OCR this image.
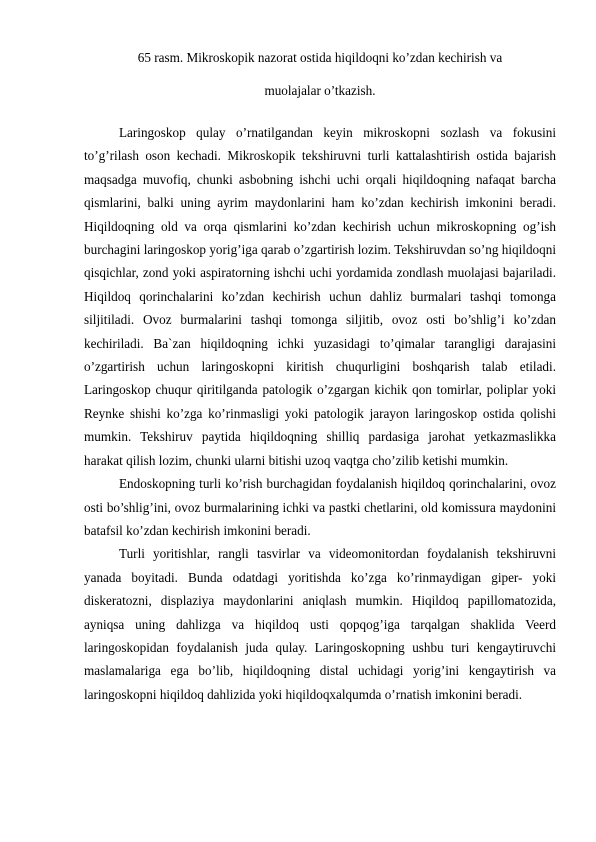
65 rasm. Mikroskopik nazorat ostida hiqildoqni ko’zdan kechirish va
muolajalar o’tkazish.

Laringoskop qulay o’rnatilgandan keyin mikroskopni sozlash va fokusini to’g’rilash oson kechadi. Mikroskopik tekshiruvni turli kattalashtirish ostida bajarish maqsadga muvofiq, chunki asbobning ishchi uchi orqali hiqildoqning nafaqat barcha qismlarini, balki uning ayrim maydonlarini ham ko’zdan kechirish imkonini beradi. Hiqildoqning old va orqa qismlarini ko’zdan kechirish uchun mikroskopning og’ish burchagini laringoskop yorig’iga qarab o’zgartirish lozim. Tekshiruvdan so’ng hiqildoqni qisqichlar, zond yoki aspiratorning ishchi uchi yordamida zondlash muolajasi bajariladi. Hiqildoq qorinchalarini ko’zdan kechirish uchun dahliz burmalari tashqi tomonga siljitiladi. Ovoz burmalarini tashqi tomonga siljitib, ovoz osti bo’shlig’i ko’zdan kechiriladi. Ba`zan hiqildoqning ichki yuzasidagi to’qimalar tarangligi darajasini o’zgartirish uchun laringoskopni kiritish chuqurligini boshqarish talab etiladi. Laringoskop chuqur qiritilganda patologik o’zgargan kichik qon tomirlar, poliplar yoki Reynke shishi ko’zga ko’rinmasligi yoki patologik jarayon laringoskop ostida qolishi mumkin. Tekshiruv paytida hiqildoqning shilliq pardasiga jarohat yetkazmaslikka harakat qilish lozim, chunki ularni bitishi uzoq vaqtga cho’zilib ketishi mumkin.

Endoskopning turli ko’rish burchagidan foydalanish hiqildoq qorinchalarini, ovoz osti bo’shlig’ini, ovoz burmalarining ichki va pastki chetlarini, old komissura maydonini batafsil ko’zdan kechirish imkonini beradi.

Turli yoritishlar, rangli tasvirlar va videomonitordan foydalanish tekshiruvni yanada boyitadi. Bunda odatdagi yoritishda ko’zga ko’rinmaydigan giper- yoki diskeratozni, displaziya maydonlarini aniqlash mumkin. Hiqildoq papillomatozida, ayniqsa uning dahlizga va hiqildoq usti qopqog’iga tarqalgan shaklida Veerd laringoskopidan foydalanish juda qulay. Laringoskopning ushbu turi kengaytiruvchi maslamalariga ega bo’lib, hiqildoqning distal uchidagi yorig’ini kengaytirish va laringoskopni hiqildoq dahlizida yoki hiqildoqxalqumda o’rnatish imkonini beradi.
